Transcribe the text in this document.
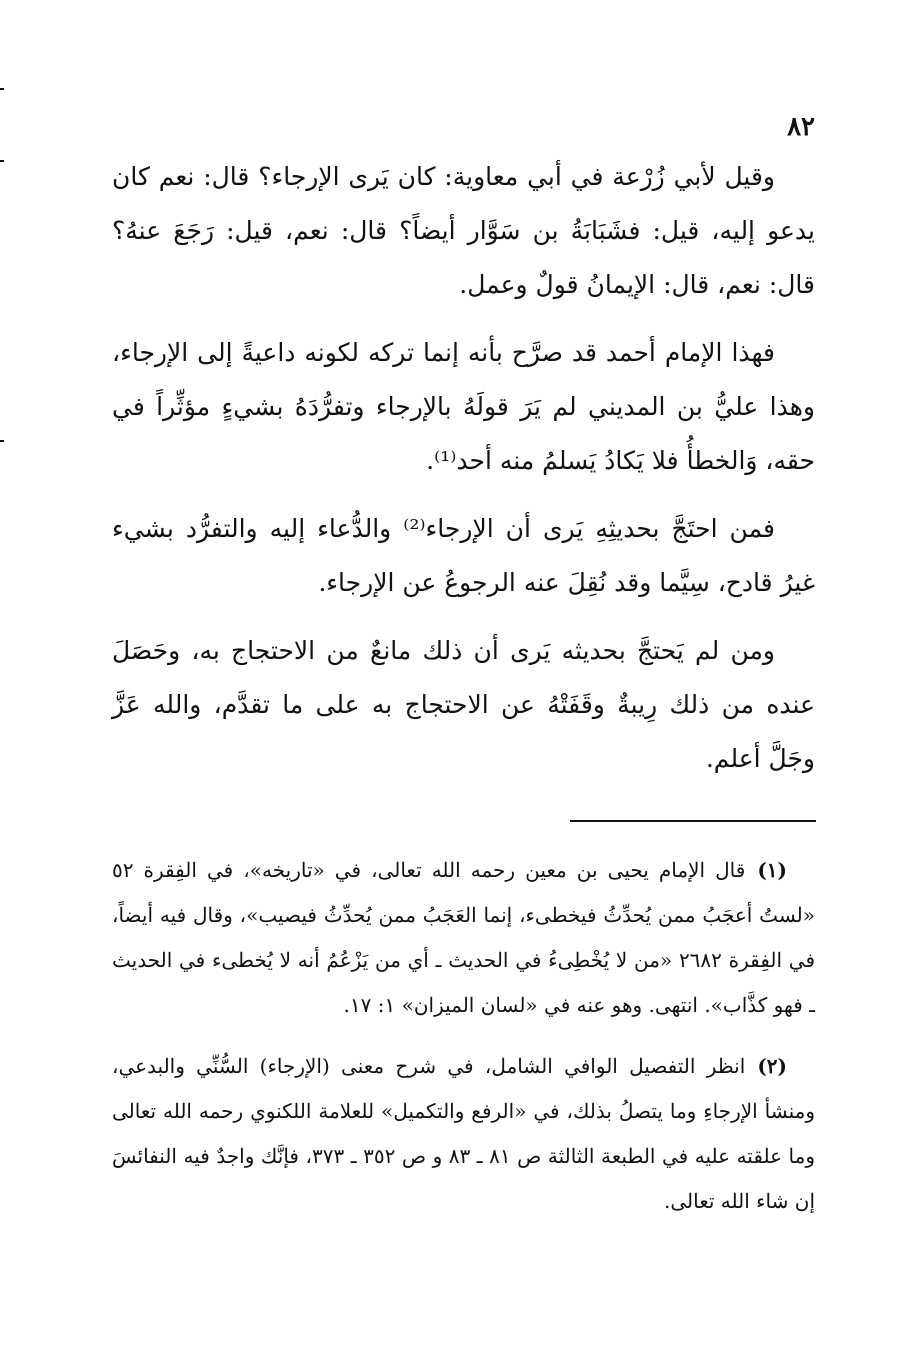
٨٢

وقيل لأبي زُرْعة في أبي معاوية: كان يَرى الإرجاء؟ قال: نعم كان يدعو إليه، قيل: فشَبَابَةُ بن سَوَّار أيضاً؟ قال: نعم، قيل: رَجَعَ عنهُ؟ قال: نعم، قال: الإيمانُ قولٌ وعمل.

فهذا الإمام أحمد قد صرَّح بأنه إنما تركه لكونه داعيةً إلى الإرجاء، وهذا عليُّ بن المديني لم يَرَ قولَهُ بالإرجاء وتفرُّدَهُ بشيءٍ مؤثِّراً في حقه، وَالخطأُ فلا يَكادُ يَسلمُ منه أحد⁽¹⁾.

فمن احتَجَّ بحديثِهِ يَرى أن الإرجاء⁽²⁾ والدُّعاء إليه والتفرُّد بشيء غيرُ قادح، سِيَّما وقد نُقِلَ عنه الرجوعُ عن الإرجاء.

ومن لم يَحتجَّ بحديثه يَرى أن ذلك مانعٌ من الاحتجاج به، وحَصَلَ عنده من ذلك رِيبةٌ وقَفَتْهُ عن الاحتجاج به على ما تقدَّم، والله عَزَّ وجَلَّ أعلم.

(١)قال الإمام يحيى بن معين رحمه الله تعالى، في «تاريخه»، في الفِقرة ٥٢ «لستُ أعجَبُ ممن يُحدِّثُ فيخطىء، إنما العَجَبُ ممن يُحدِّثُ فيصيب»، وقال فيه أيضاً، في الفِقرة ٢٦٨٢ «من لا يُخْطِىءُ في الحديث ـ أي من يَزْعُمُ أنه لا يُخطىء في الحديث ـ فهو كذَّاب». انتهى. وهو عنه في «لسان الميزان» ١: ١٧.

(٢)انظر التفصيل الوافي الشامل، في شرح معنى (الإرجاء) السُّنِّي والبدعي، ومنشأ الإرجاءِ وما يتصلُ بذلك، في «الرفع والتكميل» للعلامة اللكنوي رحمه الله تعالى وما علقته عليه في الطبعة الثالثة ص ٨١ ـ ٨٣ و ص ٣٥٢ ـ ٣٧٣، فإنَّك واجدٌ فيه النفائسَ إن شاء الله تعالى.
